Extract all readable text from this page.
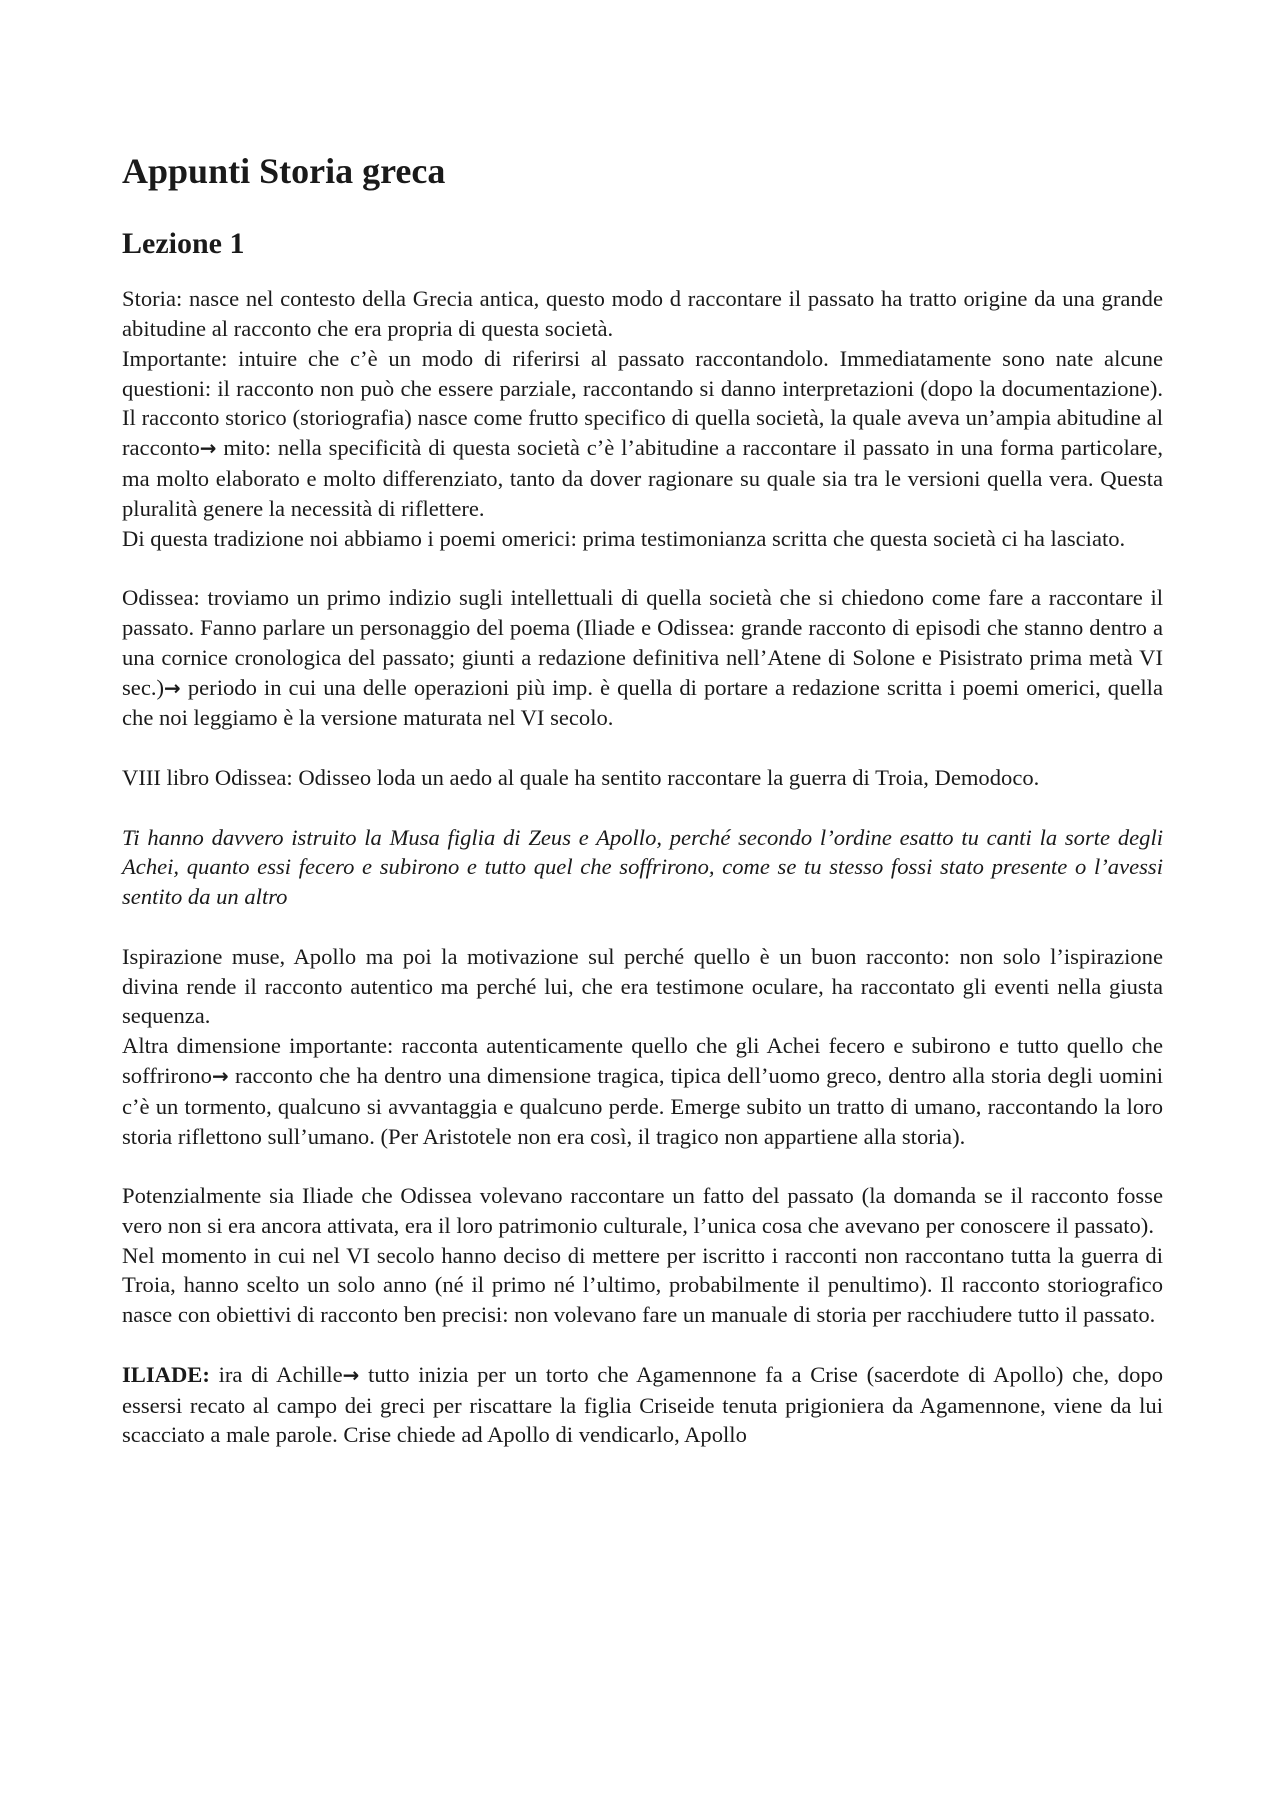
Appunti Storia greca
Lezione 1

Storia: nasce nel contesto della Grecia antica, questo modo d raccontare il passato ha tratto origine da una grande abitudine al racconto che era propria di questa società.

Importante: intuire che c’è un modo di riferirsi al passato raccontandolo. Immediatamente sono nate alcune questioni: il racconto non può che essere parziale, raccontando si danno interpretazioni (dopo la documentazione). Il racconto storico (storiografia) nasce come frutto specifico di quella società, la quale aveva un’ampia abitudine al racconto→ mito: nella specificità di questa società c’è l’abitudine a raccontare il passato in una forma particolare, ma molto elaborato e molto differenziato, tanto da dover ragionare su quale sia tra le versioni quella vera. Questa pluralità genere la necessità di riflettere.

Di questa tradizione noi abbiamo i poemi omerici: prima testimonianza scritta che questa società ci ha lasciato.

Odissea: troviamo un primo indizio sugli intellettuali di quella società che si chiedono come fare a raccontare il passato. Fanno parlare un personaggio del poema (Iliade e Odissea: grande racconto di episodi che stanno dentro a una cornice cronologica del passato; giunti a redazione definitiva nell’Atene di Solone e Pisistrato prima metà VI sec.)→ periodo in cui una delle operazioni più imp. è quella di portare a redazione scritta i poemi omerici, quella che noi leggiamo è la versione maturata nel VI secolo.

VIII libro Odissea: Odisseo loda un aedo al quale ha sentito raccontare la guerra di Troia, Demodoco.

Ti hanno davvero istruito la Musa figlia di Zeus e Apollo, perché secondo l’ordine esatto tu canti la sorte degli Achei, quanto essi fecero e subirono e tutto quel che soffrirono, come se tu stesso fossi stato presente o l’avessi sentito da un altro

Ispirazione muse, Apollo ma poi la motivazione sul perché quello è un buon racconto: non solo l’ispirazione divina rende il racconto autentico ma perché lui, che era testimone oculare, ha raccontato gli eventi nella giusta sequenza.

Altra dimensione importante: racconta autenticamente quello che gli Achei fecero e subirono e tutto quello che soffrirono→ racconto che ha dentro una dimensione tragica, tipica dell’uomo greco, dentro alla storia degli uomini c’è un tormento, qualcuno si avvantaggia e qualcuno perde. Emerge subito un tratto di umano, raccontando la loro storia riflettono sull’umano. (Per Aristotele non era così, il tragico non appartiene alla storia).

Potenzialmente sia Iliade che Odissea volevano raccontare un fatto del passato (la domanda se il racconto fosse vero non si era ancora attivata, era il loro patrimonio culturale, l’unica cosa che avevano per conoscere il passato).

Nel momento in cui nel VI secolo hanno deciso di mettere per iscritto i racconti non raccontano tutta la guerra di Troia, hanno scelto un solo anno (né il primo né l’ultimo, probabilmente il penultimo). Il racconto storiografico nasce con obiettivi di racconto ben precisi: non volevano fare un manuale di storia per racchiudere tutto il passato.

ILIADE: ira di Achille→ tutto inizia per un torto che Agamennone fa a Crise (sacerdote di Apollo) che, dopo essersi recato al campo dei greci per riscattare la figlia Criseide tenuta prigioniera da Agamennone, viene da lui scacciato a male parole. Crise chiede ad Apollo di vendicarlo, Apollo
